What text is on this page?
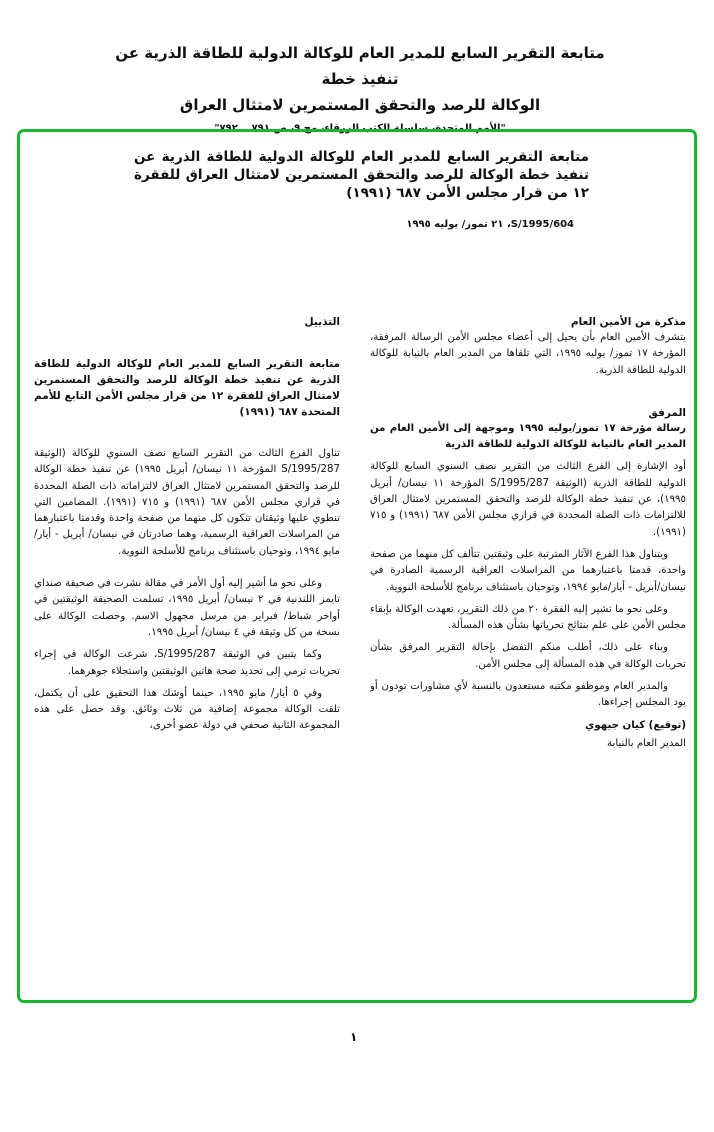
متابعة التقرير السابع للمدير العام للوكالة الدولية للطاقة الذرية عن تنفيذ خطة

الوكالة للرصد والتحقق المستمرين لامتثال العراق

"الأمم المتحدة، سلسلة الكتب الزرقاء، مج ٩، ص ٧٩١ ــ ٧٩٢"
متابعة التقرير السابع للمدير العام للوكالة الدولية للطاقة الذرية عن تنفيذ خطة الوكالة للرصد والتحقق المستمرين لامتثال العراق للفقرة ١٢ من قرار مجلس الأمن ٦٨٧ (١٩٩١)
S/1995/604، ٢١ تموز/ يوليه ١٩٩٥
مذكرة من الأمين العام

يتشرف الأمين العام بأن يحيل إلى أعضاء مجلس الأمن الرسالة المرفقة، المؤرخة ١٧ تموز/ يوليه ١٩٩٥، التي تلقاها من المدير العام بالنيابة للوكالة الدولية للطاقة الذرية.

المرفق

رسالة مؤرخة ١٧ تموز/يوليه ١٩٩٥ وموجهة إلى الأمين العام من المدير العام بالنيابة للوكالة الدولية للطاقة الذرية

أود الإشارة إلى الفرع الثالث من التقرير نصف السنوي السابع للوكالة الدولية للطاقة الذرية (الوثيقة S/1995/287 المؤرخة ١١ نيسان/ أبريل ١٩٩٥)، عن تنفيذ خطة الوكالة للرصد والتحقق المستمرين لامتثال العراق للالتزامات ذات الصلة المحددة في قراري مجلس الأمن ٦٨٧ (١٩٩١) و ٧١٥ (١٩٩١).

ويتناول هذا الفرع الآثار المترتبة على وثيقتين تتألف كل منهما من صفحة واحدة، قدمتا باعتبارهما من المراسلات العراقية الرسمية الصادرة في نيسان/أبريل - أيار/مايو ١٩٩٤، وتوحيان باستئناف برنامج للأسلحة النووية.

وعلى نحو ما تشير إليه الفقرة ٢٠ من ذلك التقرير، تعهدت الوكالة بإبقاء مجلس الأمن على علم بنتائج تحرياتها بشأن هذه المسألة.

وبناء على ذلك، أطلب منكم التفضل بإحالة التقرير المرفق بشأن تحريات الوكالة في هذه المسألة إلى مجلس الأمن.

والمدير العام وموظفو مكتبه مستعدون بالنسبة لأي مشاورات تودون أو يود المجلس إجراءها.

(توقيع) كيان جيهوي
المدير العام بالنيابة
التذييل

متابعة التقرير السابع للمدير العام للوكالة الدولية للطاقة الذرية عن تنفيذ خطة الوكالة للرصد والتحقق المستمرين لامتثال العراق للفقرة ١٢ من قرار مجلس الأمن التابع للأمم المتحدة ٦٨٧ (١٩٩١)

تناول الفرع الثالث من التقرير السابع نصف السنوي للوكالة (الوثيقة S/1995/287 المؤرخة ١١ نيسان/ أبريل ١٩٩٥) عن تنفيذ خطة الوكالة للرصد والتحقق المستمرين لامتثال العراق لالتزاماته ذات الصلة المحددة في قراري مجلس الأمن ٦٨٧ (١٩٩١) و ٧١٥ (١٩٩١). المضامين التي تنطوي عليها وثيقتان تتكون كل منهما من صفحة واحدة وقدمتا باعتبارهما من المراسلات العراقية الرسمية، وهما صادرتان في نيسان/ أبريل - أيار/ مايو ١٩٩٤، وتوحيان باستئناف برنامج للأسلحة النووية.

وعلى نحو ما أشير إليه أول الأمر في مقالة نشرت في صحيفة صنداي تايمز اللندنية في ٢ نيسان/ أبريل ١٩٩٥، تسلمت الصحيفة الوثيقتين في أواخر شباط/ فبراير من مرسل مجهول الاسم. وحصلت الوكالة على نسخة من كل وثيقة في ٤ نيسان/ أبريل ١٩٩٥.

وكما يتبين في الوثيقة S/1995/287، شرعت الوكالة في إجراء تحريات ترمي إلى تحديد صحة هاتين الوثيقتين واستجلاء جوهرهما.

وفي ٥ أيار/ مايو ١٩٩٥، حينما أوشك هذا التحقيق على أن يكتمل، تلقت الوكالة مجموعة إضافية من ثلاث وثائق. وقد حصل على هذه المجموعة الثانية صحفي في دولة عضو أخرى،

١
